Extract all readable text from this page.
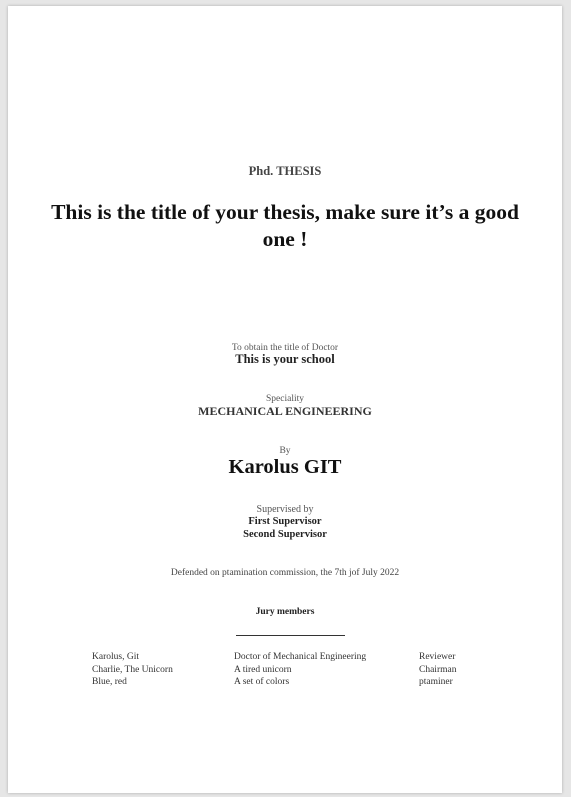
Phd. THESIS
This is the title of your thesis, make sure it’s a good one !
To obtain the title of Doctor
This is your school
Speciality
MECHANICAL ENGINEERING
By
Karolus GIT
Supervised by
First Supervisor
Second Supervisor
Defended on ptamination commission, the 7th jof July 2022
Jury members
Karolus, Git	Doctor of Mechanical Engineering	Reviewer
Charlie, The Unicorn	A tired unicorn	Chairman
Blue, red	A set of colors	ptaminer
